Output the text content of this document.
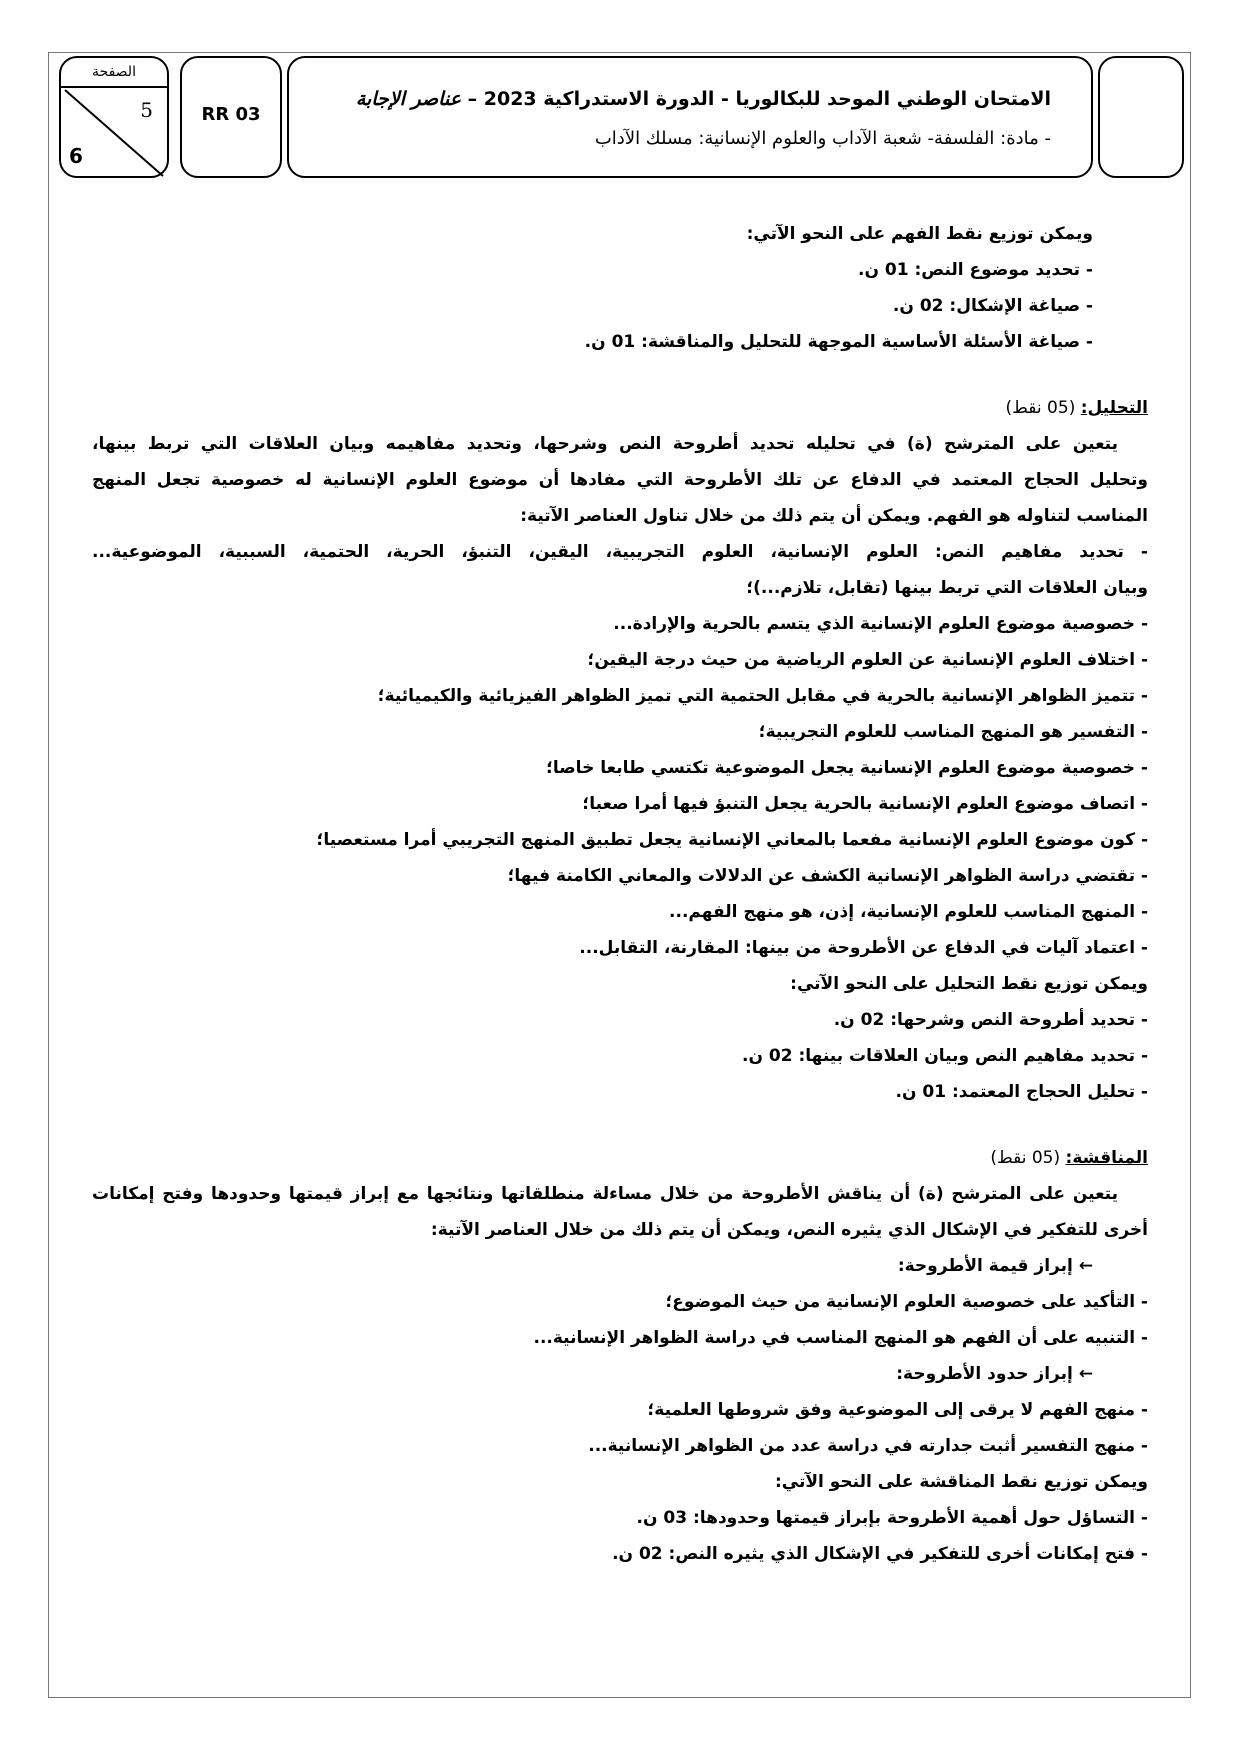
الصفحة
5
6
RR 03
الامتحان الوطني الموحد للبكالوريا - الدورة الاستدراكية 2023 – عناصر الإجابة
- مادة: الفلسفة- شعبة الآداب والعلوم الإنسانية: مسلك الآداب
ويمكن توزيع نقط الفهم على النحو الآتي:
- تحديد موضوع النص: 01 ن.
- صياغة الإشكال: 02 ن.
- صياغة الأسئلة الأساسية الموجهة للتحليل والمناقشة: 01 ن.
التحليل: (05 نقط)
يتعين على المترشح (ة) في تحليله تحديد أطروحة النص وشرحها، وتحديد مفاهيمه وبيان العلاقات التي تربط بينها،
وتحليل الحجاج المعتمد في الدفاع عن تلك الأطروحة التي مفادها أن موضوع العلوم الإنسانية له خصوصية تجعل المنهج
المناسب لتناوله هو الفهم. ويمكن أن يتم ذلك من خلال تناول العناصر الآتية:
- تحديد مفاهيم النص: العلوم الإنسانية، العلوم التجريبية، اليقين، التنبؤ، الحرية، الحتمية، السببية، الموضوعية...
وبيان العلاقات التي تربط بينها (تقابل، تلازم...)؛
- خصوصية موضوع العلوم الإنسانية الذي يتسم بالحرية والإرادة...
- اختلاف العلوم الإنسانية عن العلوم الرياضية من حيث درجة اليقين؛
- تتميز الظواهر الإنسانية بالحرية في مقابل الحتمية التي تميز الظواهر الفيزيائية والكيميائية؛
- التفسير هو المنهج المناسب للعلوم التجريبية؛
- خصوصية موضوع العلوم الإنسانية يجعل الموضوعية تكتسي طابعا خاصا؛
- اتصاف موضوع العلوم الإنسانية بالحرية يجعل التنبؤ فيها أمرا صعبا؛
- كون موضوع العلوم الإنسانية مفعما بالمعاني الإنسانية يجعل تطبيق المنهج التجريبي أمرا مستعصيا؛
- تقتضي دراسة الظواهر الإنسانية الكشف عن الدلالات والمعاني الكامنة فيها؛
- المنهج المناسب للعلوم الإنسانية، إذن، هو منهج الفهم...
- اعتماد آليات في الدفاع عن الأطروحة من بينها: المقارنة، التقابل...
ويمكن توزيع نقط التحليل على النحو الآتي:
- تحديد أطروحة النص وشرحها: 02 ن.
- تحديد مفاهيم النص وبيان العلاقات بينها: 02 ن.
- تحليل الحجاج المعتمد: 01 ن.
المناقشة: (05 نقط)
يتعين على المترشح (ة) أن يناقش الأطروحة من خلال مساءلة منطلقاتها ونتائجها مع إبراز قيمتها وحدودها وفتح إمكانات
أخرى للتفكير في الإشكال الذي يثيره النص، ويمكن أن يتم ذلك من خلال العناصر الآتية:
← إبراز قيمة الأطروحة:
- التأكيد على خصوصية العلوم الإنسانية من حيث الموضوع؛
- التنبيه على أن الفهم هو المنهج المناسب في دراسة الظواهر الإنسانية...
← إبراز حدود الأطروحة:
- منهج الفهم لا يرقى إلى الموضوعية وفق شروطها العلمية؛
- منهج التفسير أثبت جدارته في دراسة عدد من الظواهر الإنسانية...
ويمكن توزيع نقط المناقشة على النحو الآتي:
- التساؤل حول أهمية الأطروحة بإبراز قيمتها وحدودها: 03 ن.
- فتح إمكانات أخرى للتفكير في الإشكال الذي يثيره النص: 02 ن.
